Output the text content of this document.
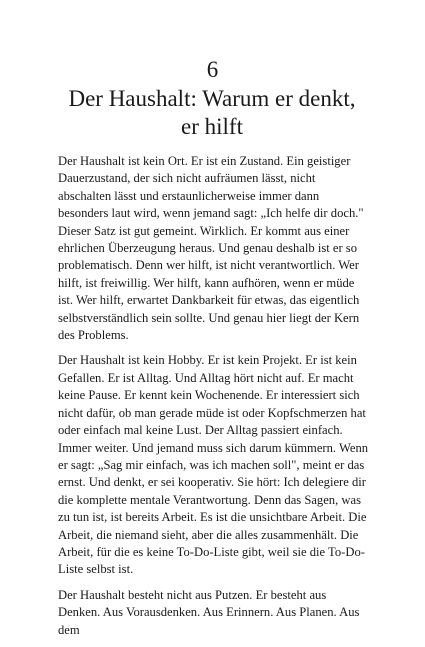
6
Der Haushalt: Warum er denkt, er hilft

Der Haushalt ist kein Ort. Er ist ein Zustand. Ein geistiger Dauerzustand, der sich nicht aufräumen lässt, nicht abschalten lässt und erstaunlicherweise immer dann besonders laut wird, wenn jemand sagt: „Ich helfe dir doch." Dieser Satz ist gut gemeint. Wirklich. Er kommt aus einer ehrlichen Überzeugung heraus. Und genau deshalb ist er so problematisch. Denn wer hilft, ist nicht verantwortlich. Wer hilft, ist freiwillig. Wer hilft, kann aufhören, wenn er müde ist. Wer hilft, erwartet Dankbarkeit für etwas, das eigentlich selbstverständlich sein sollte. Und genau hier liegt der Kern des Problems.

Der Haushalt ist kein Hobby. Er ist kein Projekt. Er ist kein Gefallen. Er ist Alltag. Und Alltag hört nicht auf. Er macht keine Pause. Er kennt kein Wochenende. Er interessiert sich nicht dafür, ob man gerade müde ist oder Kopfschmerzen hat oder einfach mal keine Lust. Der Alltag passiert einfach. Immer weiter. Und jemand muss sich darum kümmern. Wenn er sagt: „Sag mir einfach, was ich machen soll", meint er das ernst. Und denkt, er sei kooperativ. Sie hört: Ich delegiere dir die komplette mentale Verantwortung. Denn das Sagen, was zu tun ist, ist bereits Arbeit. Es ist die unsichtbare Arbeit. Die Arbeit, die niemand sieht, aber die alles zusammenhält. Die Arbeit, für die es keine To-Do-Liste gibt, weil sie die To-Do-Liste selbst ist.

Der Haushalt besteht nicht aus Putzen. Er besteht aus Denken. Aus Vorausdenken. Aus Erinnern. Aus Planen. Aus dem
